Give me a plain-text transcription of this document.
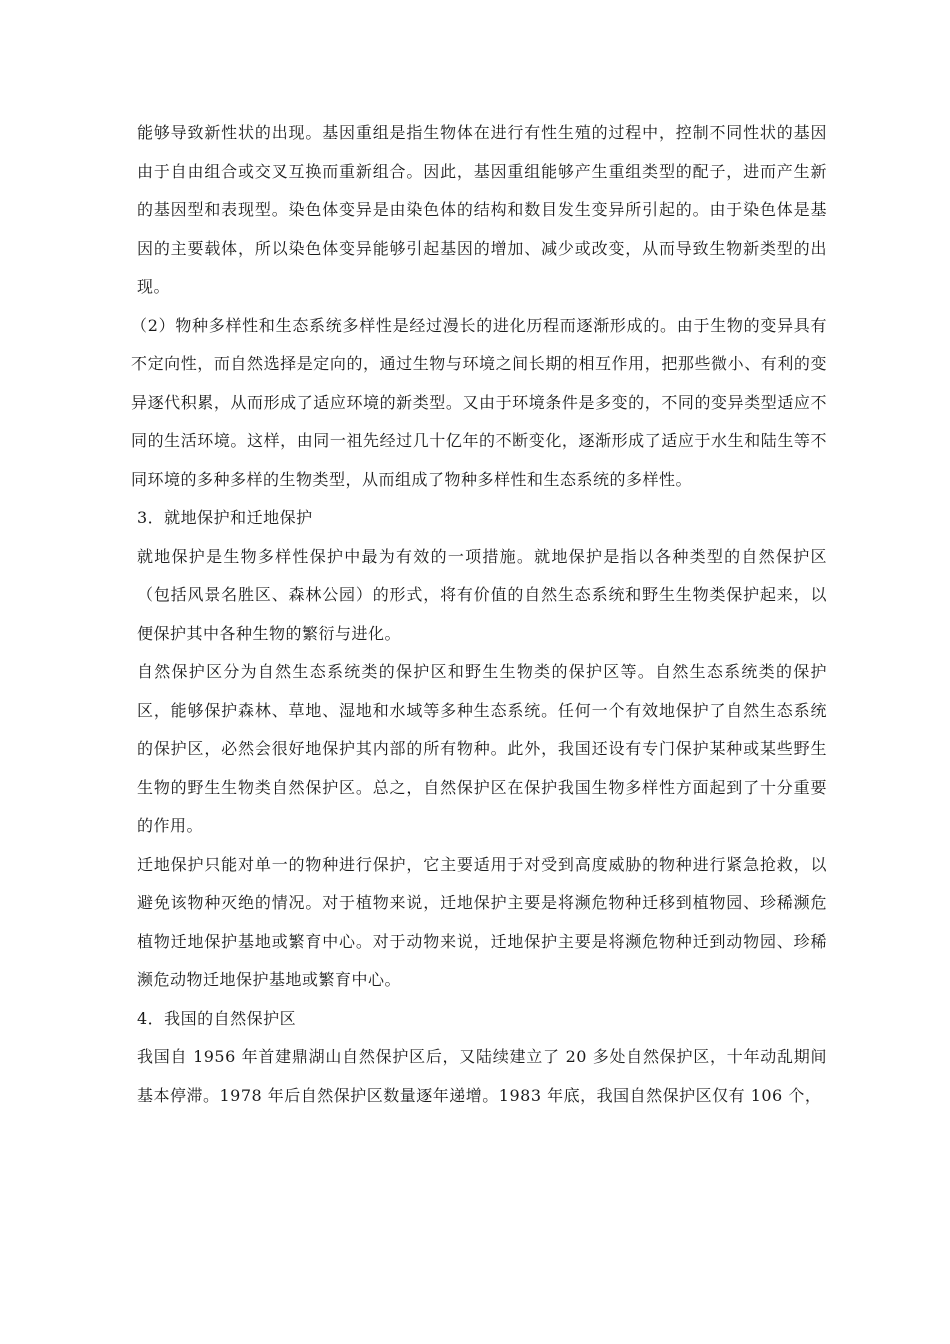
能够导致新性状的出现。基因重组是指生物体在进行有性生殖的过程中，控制不同性状的基因由于自由组合或交叉互换而重新组合。因此，基因重组能够产生重组类型的配子，进而产生新的基因型和表现型。染色体变异是由染色体的结构和数目发生变异所引起的。由于染色体是基因的主要载体，所以染色体变异能够引起基因的增加、减少或改变，从而导致生物新类型的出现。

（2）物种多样性和生态系统多样性是经过漫长的进化历程而逐渐形成的。由于生物的变异具有不定向性，而自然选择是定向的，通过生物与环境之间长期的相互作用，把那些微小、有利的变异逐代积累，从而形成了适应环境的新类型。又由于环境条件是多变的，不同的变异类型适应不同的生活环境。这样，由同一祖先经过几十亿年的不断变化，逐渐形成了适应于水生和陆生等不同环境的多种多样的生物类型，从而组成了物种多样性和生态系统的多样性。

3．就地保护和迁地保护

就地保护是生物多样性保护中最为有效的一项措施。就地保护是指以各种类型的自然保护区（包括风景名胜区、森林公园）的形式，将有价值的自然生态系统和野生生物类保护起来，以便保护其中各种生物的繁衍与进化。

自然保护区分为自然生态系统类的保护区和野生生物类的保护区等。自然生态系统类的保护区，能够保护森林、草地、湿地和水域等多种生态系统。任何一个有效地保护了自然生态系统的保护区，必然会很好地保护其内部的所有物种。此外，我国还设有专门保护某种或某些野生生物的野生生物类自然保护区。总之，自然保护区在保护我国生物多样性方面起到了十分重要的作用。

迁地保护只能对单一的物种进行保护，它主要适用于对受到高度威胁的物种进行紧急抢救，以避免该物种灭绝的情况。对于植物来说，迁地保护主要是将濒危物种迁移到植物园、珍稀濒危植物迁地保护基地或繁育中心。对于动物来说，迁地保护主要是将濒危物种迁到动物园、珍稀濒危动物迁地保护基地或繁育中心。

4．我国的自然保护区

我国自 1956 年首建鼎湖山自然保护区后，又陆续建立了 20 多处自然保护区，十年动乱期间基本停滞。1978 年后自然保护区数量逐年递增。1983 年底，我国自然保护区仅有 106 个，
